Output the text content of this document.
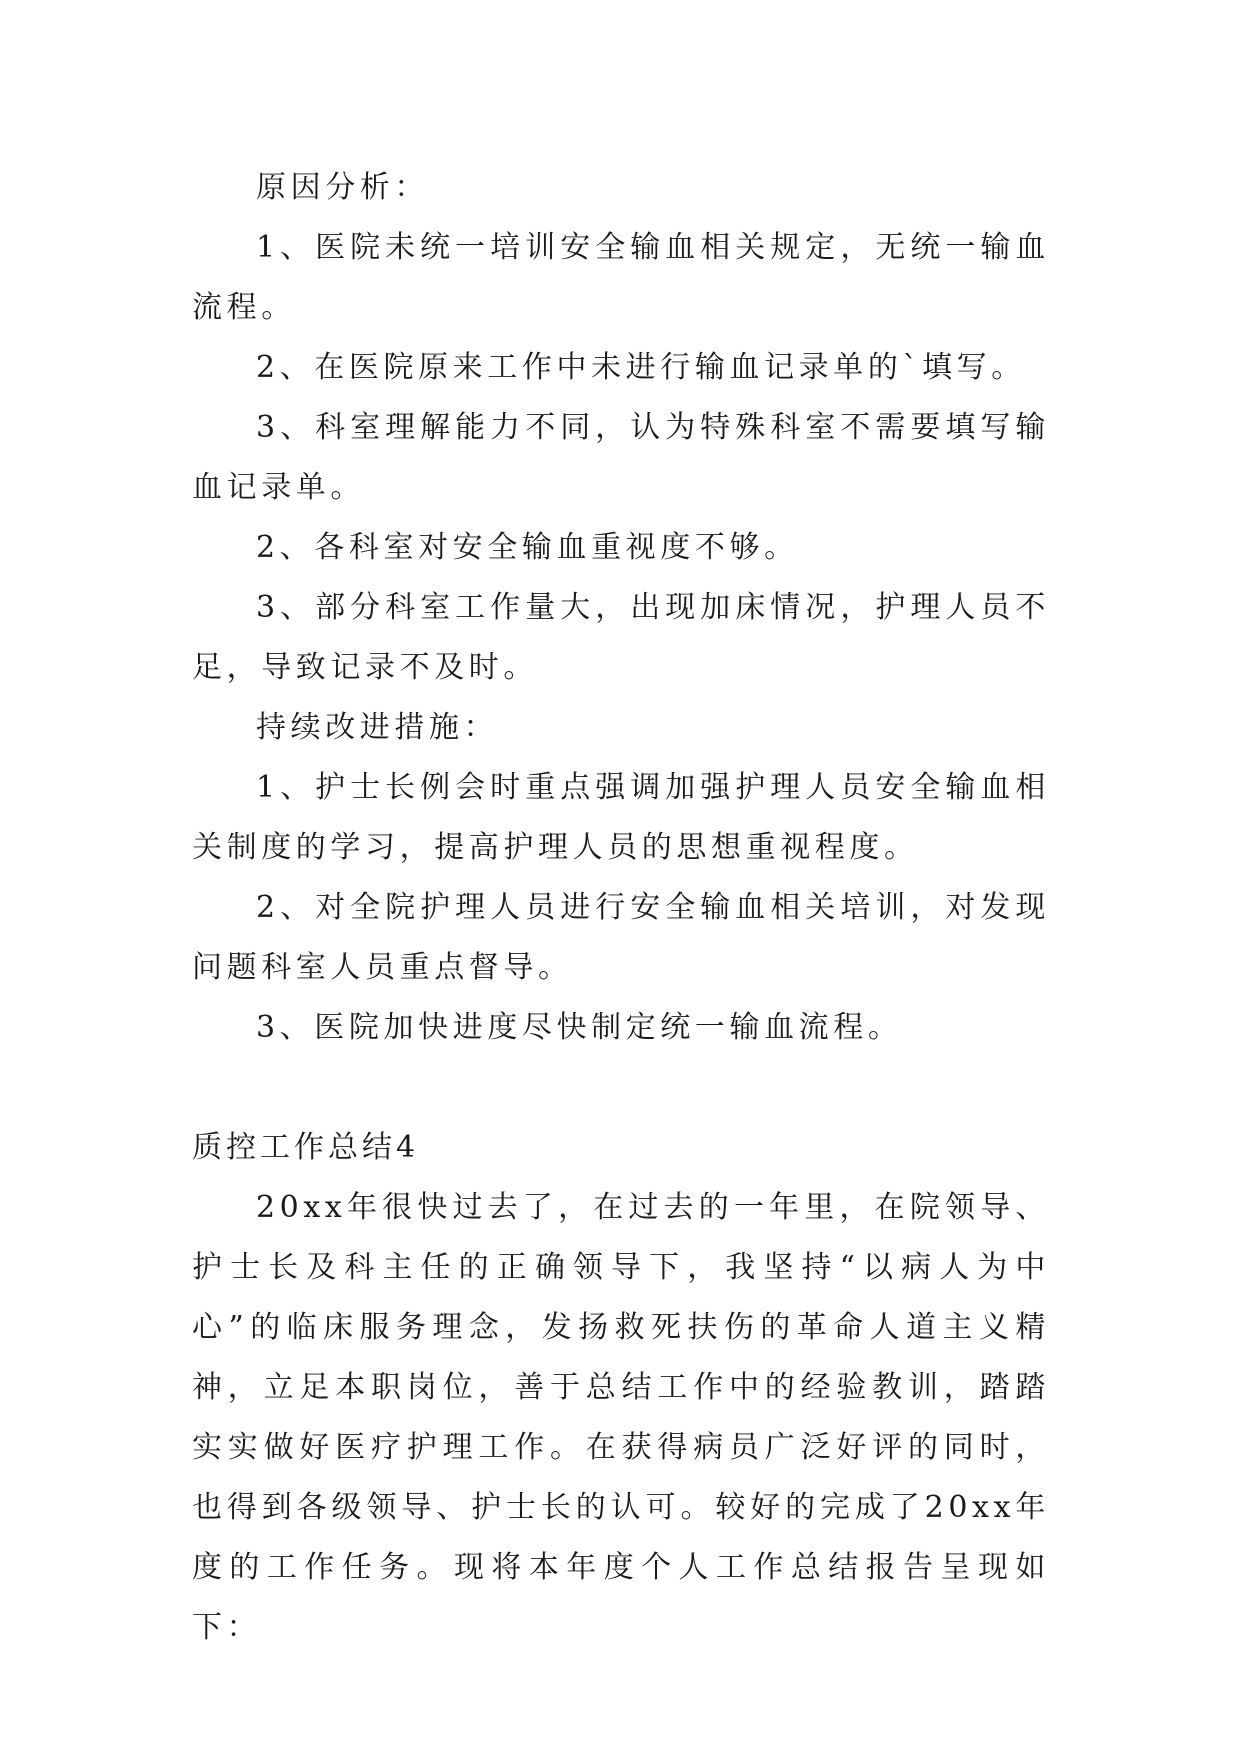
原因分析：

1、医院未统一培训安全输血相关规定，无统一输血流程。

2、在医院原来工作中未进行输血记录单的`填写。

3、科室理解能力不同，认为特殊科室不需要填写输血记录单。

2、各科室对安全输血重视度不够。

3、部分科室工作量大，出现加床情况，护理人员不足，导致记录不及时。

持续改进措施：

1、护士长例会时重点强调加强护理人员安全输血相关制度的学习，提高护理人员的思想重视程度。

2、对全院护理人员进行安全输血相关培训，对发现问题科室人员重点督导。

3、医院加快进度尽快制定统一输血流程。

质控工作总结4

20xx年很快过去了，在过去的一年里，在院领导、护士长及科主任的正确领导下，我坚持“以病人为中心”的临床服务理念，发扬救死扶伤的革命人道主义精神，立足本职岗位，善于总结工作中的经验教训，踏踏实实做好医疗护理工作。在获得病员广泛好评的同时，也得到各级领导、护士长的认可。较好的完成了20xx年度的工作任务。现将本年度个人工作总结报告呈现如下：
